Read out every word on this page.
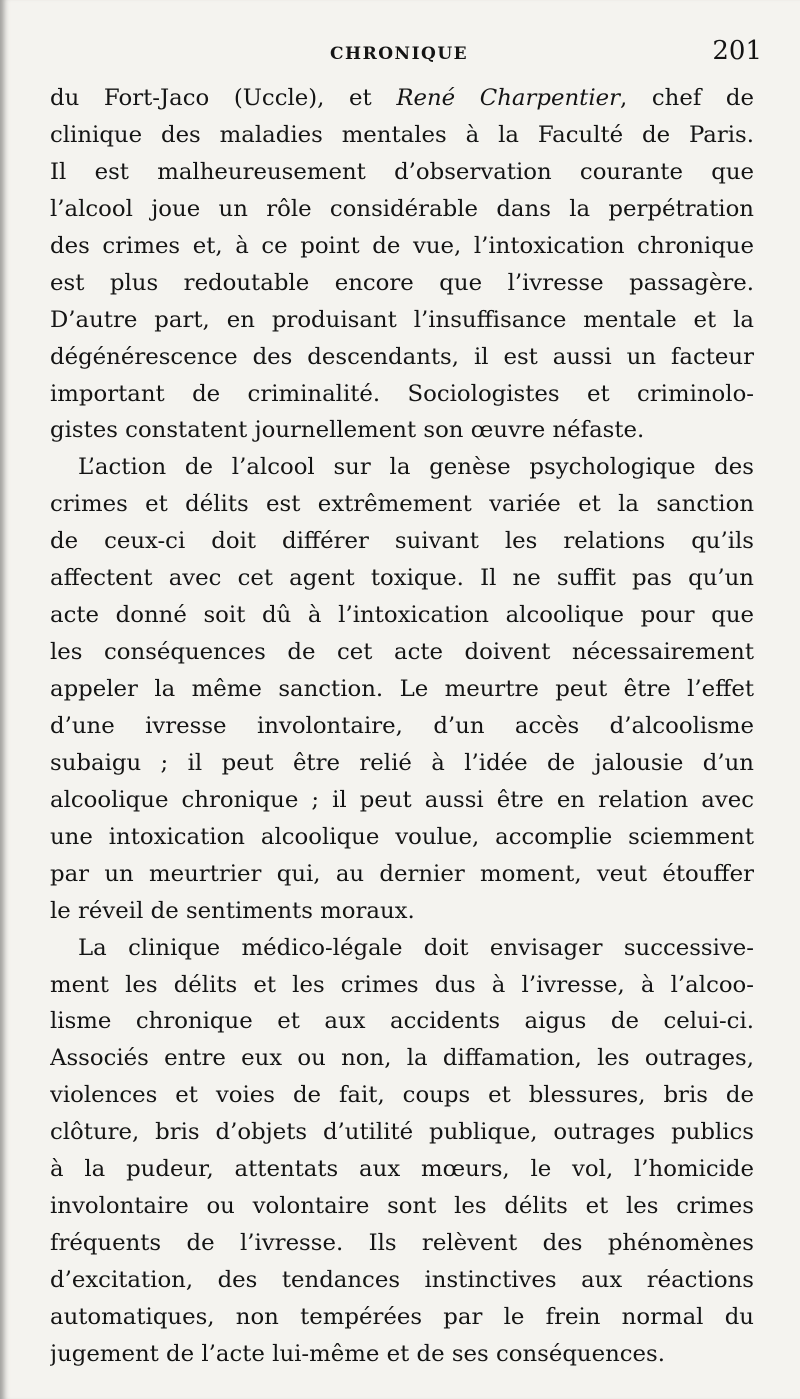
CHRONIQUE	201
du Fort-Jaco (Uccle), et René Charpentier, chef de
clinique des maladies mentales à la Faculté de Paris.
Il est malheureusement d’observation courante que
l’alcool joue un rôle considérable dans la perpétration
des crimes et, à ce point de vue, l’intoxication chronique
est plus redoutable encore que l’ivresse passagère.
D’autre part, en produisant l’insuffisance mentale et la
dégénérescence des descendants, il est aussi un facteur
important de criminalité. Sociologistes et criminolo-
gistes constatent journellement son œuvre néfaste.
L’action de l’alcool sur la genèse psychologique des
crimes et délits est extrêmement variée et la sanction
de ceux-ci doit différer suivant les relations qu’ils
affectent avec cet agent toxique. Il ne suffit pas qu’un
acte donné soit dû à l’intoxication alcoolique pour que
les conséquences de cet acte doivent nécessairement
appeler la même sanction. Le meurtre peut être l’effet
d’une ivresse involontaire, d’un accès d’alcoolisme
subaigu ; il peut être relié à l’idée de jalousie d’un
alcoolique chronique ; il peut aussi être en relation avec
une intoxication alcoolique voulue, accomplie sciemment
par un meurtrier qui, au dernier moment, veut étouffer
le réveil de sentiments moraux.
La clinique médico-légale doit envisager successive-
ment les délits et les crimes dus à l’ivresse, à l’alcoo-
lisme chronique et aux accidents aigus de celui-ci.
Associés entre eux ou non, la diffamation, les outrages,
violences et voies de fait, coups et blessures, bris de
clôture, bris d’objets d’utilité publique, outrages publics
à la pudeur, attentats aux mœurs, le vol, l’homicide
involontaire ou volontaire sont les délits et les crimes
fréquents de l’ivresse. Ils relèvent des phénomènes
d’excitation, des tendances instinctives aux réactions
automatiques, non tempérées par le frein normal du
jugement de l’acte lui-même et de ses conséquences.
